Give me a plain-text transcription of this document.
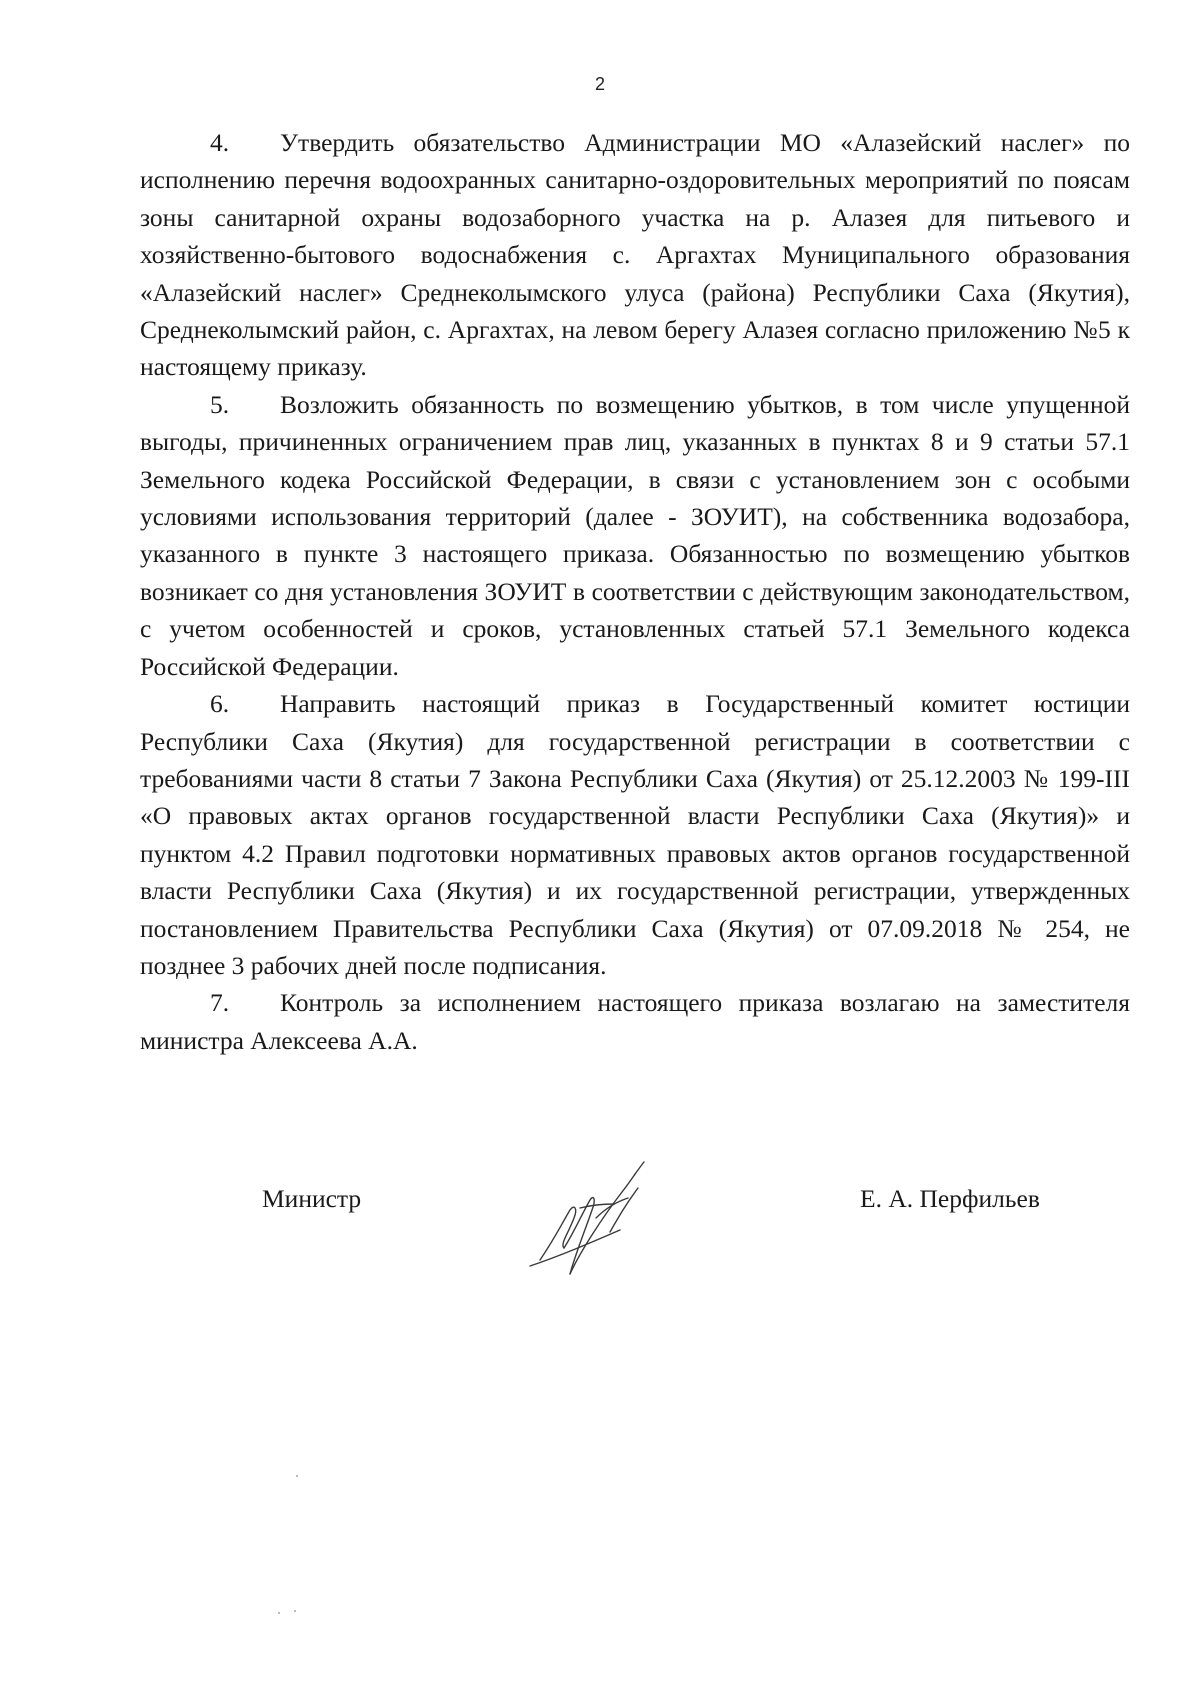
2

4. Утвердить обязательство Администрации МО «Алазейский наслег» по исполнению перечня водоохранных санитарно-оздоровительных мероприятий по поясам зоны санитарной охраны водозаборного участка на р. Алазея для питьевого и хозяйственно-бытового водоснабжения с. Аргахтах Муниципального образования «Алазейский наслег» Среднеколымского улуса (района) Республики Саха (Якутия), Среднеколымский район, с. Аргахтах, на левом берегу Алазея согласно приложению №5 к настоящему приказу.

5. Возложить обязанность по возмещению убытков, в том числе упущенной выгоды, причиненных ограничением прав лиц, указанных в пунктах 8 и 9 статьи 57.1 Земельного кодека Российской Федерации, в связи с установлением зон с особыми условиями использования территорий (далее - ЗОУИТ), на собственника водозабора, указанного в пункте 3 настоящего приказа. Обязанностью по возмещению убытков возникает со дня установления ЗОУИТ в соответствии с действующим законодательством, с учетом особенностей и сроков, установленных статьей 57.1 Земельного кодекса Российской Федерации.

6. Направить настоящий приказ в Государственный комитет юстиции Республики Саха (Якутия) для государственной регистрации в соответствии с требованиями части 8 статьи 7 Закона Республики Саха (Якутия) от 25.12.2003 № 199-III «О правовых актах органов государственной власти Республики Саха (Якутия)» и пунктом 4.2 Правил подготовки нормативных правовых актов органов государственной власти Республики Саха (Якутия) и их государственной регистрации, утвержденных постановлением Правительства Республики Саха (Якутия) от 07.09.2018 № 254, не позднее 3 рабочих дней после подписания.

7. Контроль за исполнением настоящего приказа возлагаю на заместителя министра Алексеева А.А.

Министр	Е. А. Перфильев
